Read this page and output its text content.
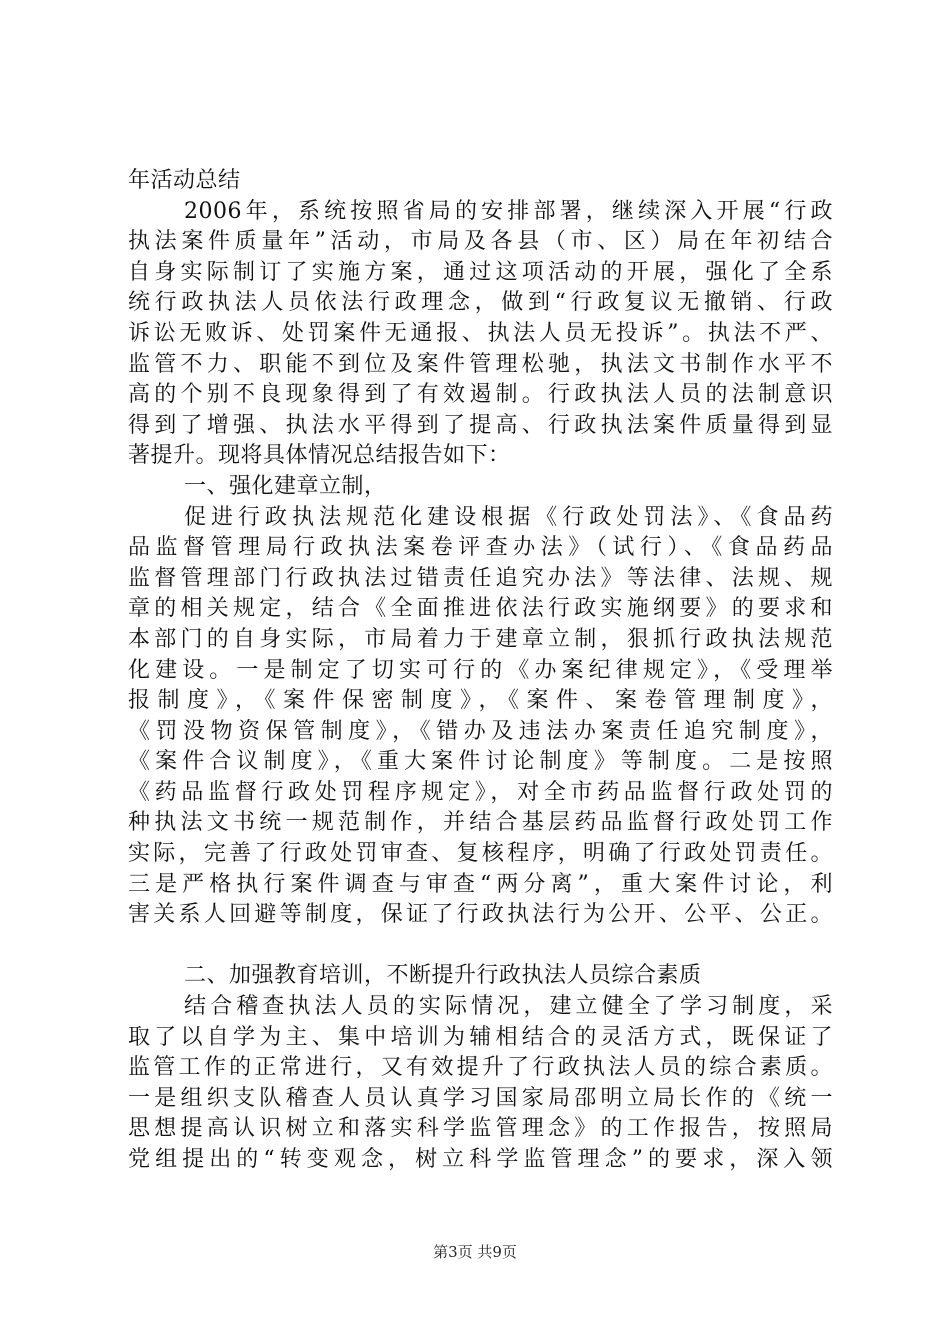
年活动总结
2006年，系统按照省局的安排部署，继续深入开展“行政
执法案件质量年”活动，市局及各县（市、区）局在年初结合
自身实际制订了实施方案，通过这项活动的开展，强化了全系
统行政执法人员依法行政理念，做到“行政复议无撤销、行政
诉讼无败诉、处罚案件无通报、执法人员无投诉”。执法不严、
监管不力、职能不到位及案件管理松驰，执法文书制作水平不
高的个别不良现象得到了有效遏制。行政执法人员的法制意识
得到了增强、执法水平得到了提高、行政执法案件质量得到显
著提升。现将具体情况总结报告如下：
一、强化建章立制，
促进行政执法规范化建设根据《行政处罚法》、《食品药
品监督管理局行政执法案卷评查办法》（试行）、《食品药品
监督管理部门行政执法过错责任追究办法》等法律、法规、规
章的相关规定，结合《全面推进依法行政实施纲要》的要求和
本部门的自身实际，市局着力于建章立制，狠抓行政执法规范
化建设。一是制定了切实可行的《办案纪律规定》，《受理举
报制度》，《案件保密制度》，《案件、案卷管理制度》，
《罚没物资保管制度》，《错办及违法办案责任追究制度》，
《案件合议制度》，《重大案件讨论制度》等制度。二是按照
《药品监督行政处罚程序规定》，对全市药品监督行政处罚的
种执法文书统一规范制作，并结合基层药品监督行政处罚工作
实际，完善了行政处罚审查、复核程序，明确了行政处罚责任。
三是严格执行案件调查与审查“两分离”，重大案件讨论，利
害关系人回避等制度，保证了行政执法行为公开、公平、公正。
二、加强教育培训，不断提升行政执法人员综合素质
结合稽查执法人员的实际情况，建立健全了学习制度，采
取了以自学为主、集中培训为辅相结合的灵活方式，既保证了
监管工作的正常进行，又有效提升了行政执法人员的综合素质。
一是组织支队稽查人员认真学习国家局邵明立局长作的《统一
思想提高认识树立和落实科学监管理念》的工作报告，按照局
党组提出的“转变观念，树立科学监管理念”的要求，深入领
第3页 共9页
